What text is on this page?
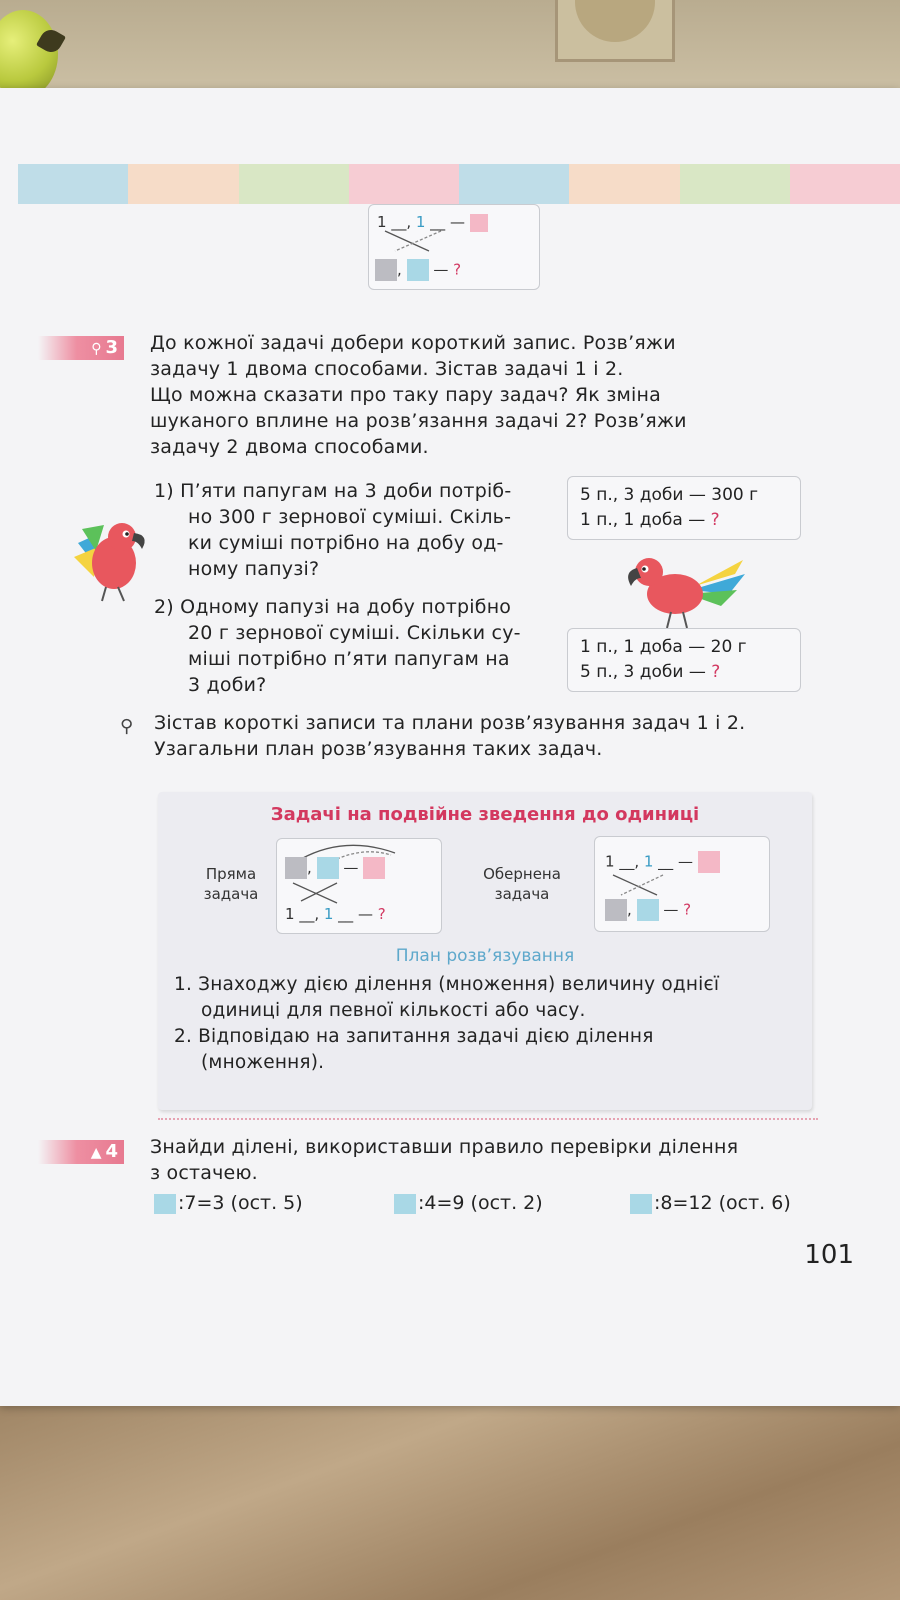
1 __, 1 __ —
,  — ?
⚲ 3	До кожної задачі добери короткий запис. Розв’яжи
задачу 1 двома способами. Зістав задачі 1 і 2.
Що можна сказати про таку пару задач? Як зміна
шуканого вплине на розв’язання задачі 2? Розв’яжи
задачу 2 двома способами.
1) П’яти папугам на 3 доби потріб-
но 300 г зернової суміші. Скіль-
ки суміші потрібно на добу од-
ному папузі?
5 п., 3 доби — 300 г
1 п., 1 доба — ?
2) Одному папузі на добу потрібно
20 г зернової суміші. Скільки су-
міші потрібно п’яти папугам на
3 доби?
1 п., 1 доба — 20 г
5 п., 3 доби — ?
⚲ Зістав короткі записи та плани розв’язування задач 1 і 2.
Узагальни план розв’язування таких задач.
Задачі на подвійне зведення до одиниці
Пряма
задача
,  —
1 __, 1 __ — ?
Обернена
задача
1 __, 1 __ —
,  — ?
План розв’язування
1. Знаходжу дією ділення (множення) величину однієї
одиниці для певної кількості або часу.
2. Відповідаю на запитання задачі дією ділення
(множення).
▲ 4	Знайди ділені, використавши правило перевірки ділення
з остачею.
:7=3 (ост. 5)	:4=9 (ост. 2)	:8=12 (ост. 6)
101
